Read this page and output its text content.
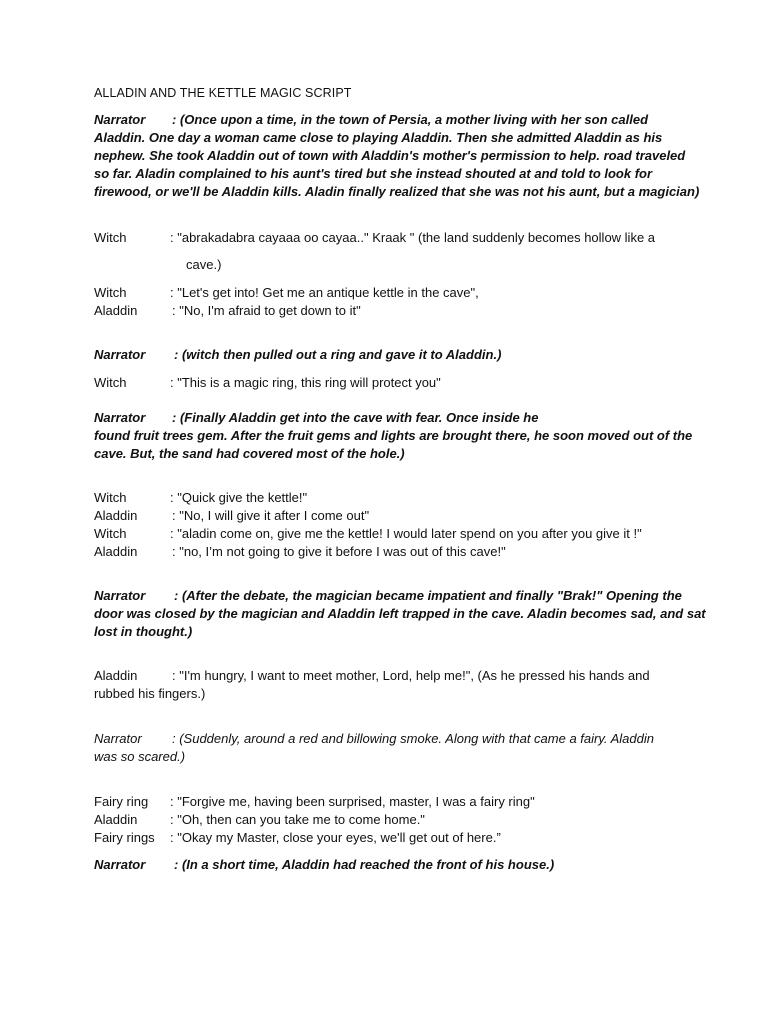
ALLADIN AND THE KETTLE MAGIC SCRIPT
Narrator : (Once upon a time, in the town of Persia, a mother living with her son called
Aladdin. One day a woman came close to playing Aladdin. Then she admitted Aladdin as his
nephew. She took Aladdin out of town with Aladdin's mother's permission to help. road traveled
so far. Aladin complained to his aunt's tired but she instead shouted at and told to look for
firewood, or we'll be Aladdin kills. Aladin finally realized that she was not his aunt, but a magician)
Witch	: "abrakadabra cayaaa oo cayaa.." Kraak " (the land suddenly becomes hollow like a
cave.)
Witch	: "Let's get into! Get me an antique kettle in the cave",
Aladdin	: "No, I'm afraid to get down to it"
Narrator : (witch then pulled out a ring and gave it to Aladdin.)
Witch	: "This is a magic ring, this ring will protect you"
Narrator : (Finally Aladdin get into the cave with fear. Once inside he
found fruit trees gem. After the fruit gems and lights are brought there, he soon moved out of the
cave. But, the sand had covered most of the hole.)
Witch	: "Quick give the kettle!"
Aladdin	: "No, I will give it after I come out"
Witch	: "aladin come on, give me the kettle! I would later spend on you after you give it !"
Aladdin	: "no, I’m not going to give it before I was out of this cave!"
Narrator : (After the debate, the magician became impatient and finally "Brak!" Opening the
door was closed by the magician and Aladdin left trapped in the cave. Aladin becomes sad, and sat
lost in thought.)
Aladdin	: "I'm hungry, I want to meet mother, Lord, help me!", (As he pressed his hands and
rubbed his fingers.)
Narrator : (Suddenly, around a red and billowing smoke. Along with that came a fairy. Aladdin
was so scared.)
Fairy ring : "Forgive me, having been surprised, master, I was a fairy ring"
Aladdin	: "Oh, then can you take me to come home."
Fairy rings : "Okay my Master, close your eyes, we'll get out of here.”
Narrator : (In a short time, Aladdin had reached the front of his house.)
